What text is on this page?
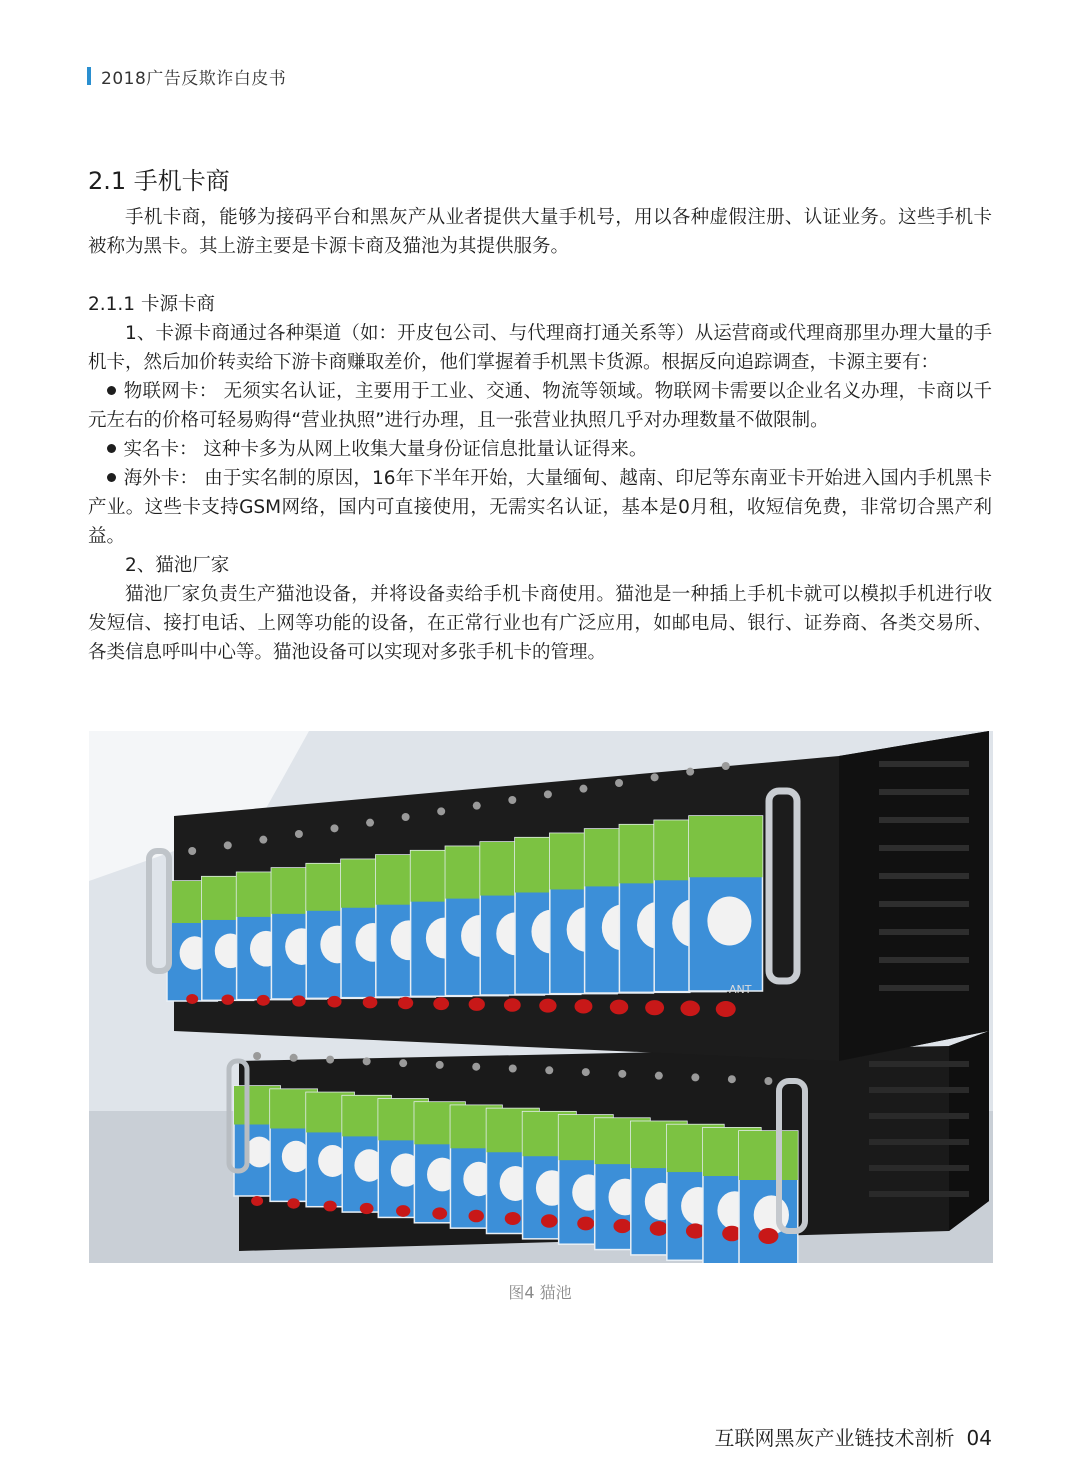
2018广告反欺诈白皮书
2.1 手机卡商

手机卡商，能够为接码平台和黑灰产从业者提供大量手机号，用以各种虚假注册、认证业务。这些手机卡被称为黑卡。其上游主要是卡源卡商及猫池为其提供服务。

2.1.1 卡源卡商

1、卡源卡商通过各种渠道（如：开皮包公司、与代理商打通关系等）从运营商或代理商那里办理大量的手机卡，然后加价转卖给下游卡商赚取差价，他们掌握着手机黑卡货源。根据反向追踪调查，卡源主要有：

物联网卡： 无须实名认证，主要用于工业、交通、物流等领域。物联网卡需要以企业名义办理，卡商以千元左右的价格可轻易购得“营业执照”进行办理，且一张营业执照几乎对办理数量不做限制。

实名卡： 这种卡多为从网上收集大量身份证信息批量认证得来。

海外卡： 由于实名制的原因，16年下半年开始，大量缅甸、越南、印尼等东南亚卡开始进入国内手机黑卡产业。这些卡支持GSM网络，国内可直接使用，无需实名认证，基本是0月租，收短信免费，非常切合黑产利益。

2、猫池厂家

猫池厂家负责生产猫池设备，并将设备卖给手机卡商使用。猫池是一种插上手机卡就可以模拟手机进行收发短信、接打电话、上网等功能的设备，在正常行业也有广泛应用，如邮电局、银行、证券商、各类交易所、各类信息呼叫中心等。猫池设备可以实现对多张手机卡的管理。

ANT
图4 猫池
互联网黑灰产业链技术剖析 04
